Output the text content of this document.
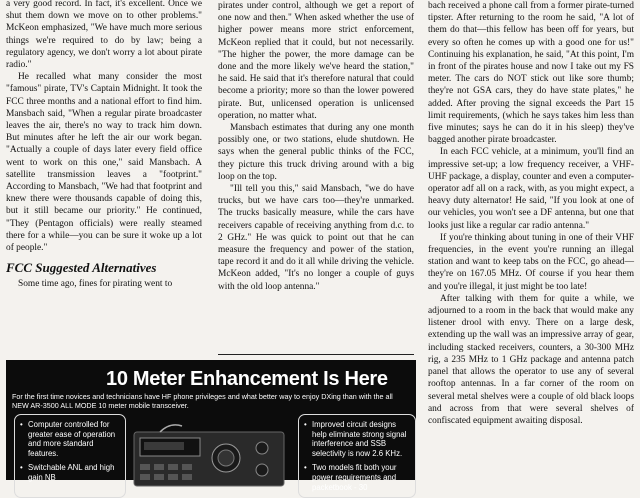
a very good record. In fact, it's excellent. Once we shut them down we move on to other problems." McKeon emphasized, "We have much more serious things we're required to do by law; being a regulatory agency, we don't worry a lot about pirate radio."

He recalled what many consider the most "famous" pirate, TV's Captain Midnight. It took the FCC three months and a national effort to find him. Mansbach said, "When a regular pirate broadcaster leaves the air, there's no way to track him down. But minutes after he left the air our work began. "Actually a couple of days later every field office went to work on this one," said Mansbach. A satellite transmission leaves a "footprint." According to Mansbach, "We had that footprint and knew there were thousands capable of doing this, but it still became our priority." He continued, "They (Pentagon officials) were really steamed there for a while—you can be sure it woke up a lot of people."

FCC Suggested Alternatives

Some time ago, fines for pirating went to

pirates under control, although we get a report of one now and then." When asked whether the use of higher power means more strict enforcement, McKeon replied that it could, but not necessarily. "The higher the power, the more damage can be done and the more likely we've heard the station," he said. He said that it's therefore natural that could become a priority; more so than the lower powered pirate. But, unlicensed operation is unlicensed operation, no matter what.

Mansbach estimates that during any one month possibly one, or two stations, elude shutdown. He says when the general public thinks of the FCC, they picture this truck driving around with a big loop on the top.

"Ill tell you this," said Mansbach, "we do have trucks, but we have cars too—they're unmarked. The trucks basically measure, while the cars have receivers capable of receiving anything from d.c. to 2 GHz." He was quick to point out that he can measure the frequency and power of the station, tape record it and do it all while driving the vehicle. McKeon added, "It's no longer a couple of guys with the old loop antenna."

bach received a phone call from a former pirate-turned tipster. After returning to the room he said, "A lot of them do that—this fellow has been off for years, but every so often he comes up with a good one for us!" Continuing his explanation, he said, "At this point, I'm in front of the pirates house and now I take out my FS meter. The cars do NOT stick out like sore thumb; they're not GSA cars, they do have state plates," he added. After proving the signal exceeds the Part 15 limit requirements, (which he says takes him less than five minutes; says he can do it in his sleep) they've bagged another pirate broadcaster.

In each FCC vehicle, at a minimum, you'll find an impressive set-up; a low frequency receiver, a VHF-UHF package, a display, counter and even a computer-operator adf all on a rack, with, as you might expect, a heavy duty alternator! He said, "If you look at one of our vehicles, you won't see a DF antenna, but one that looks just like a regular car radio antenna."

If you're thinking about tuning in one of their VHF frequencies, in the event you're running an illegal station and want to keep tabs on the FCC, go ahead—they're on 167.05 MHz. Of course if you hear them and you're illegal, it just might be too late!

After talking with them for quite a while, we adjourned to a room in the back that would make any listener drool with envy. There on a large desk, extending up the wall was an impressive array of gear, including stacked receivers, counters, a 30-300 MHz rig, a 235 MHz to 1 GHz package and antenna patch panel that allows the operator to use any of several rooftop antennas. In a far corner of the room on several metal shelves were a couple of old black loops and across from that were several shelves of confiscated equipment awaiting disposal.

10 Meter Enhancement Is Here
For the first time novices and technicians have HF phone privileges and what better way to enjoy DXing than with the all NEW AR-3500 ALL MODE 10 meter mobile transceiver.
• Computer controlled for greater ease of operation and more standard features.
• Switchable ANL and high gain NB
• Improved circuit designs help eliminate strong signal interference and SSB selectivity is now 2.6 KHz.
• Two models fit both your power requirements and packetbook - 30
